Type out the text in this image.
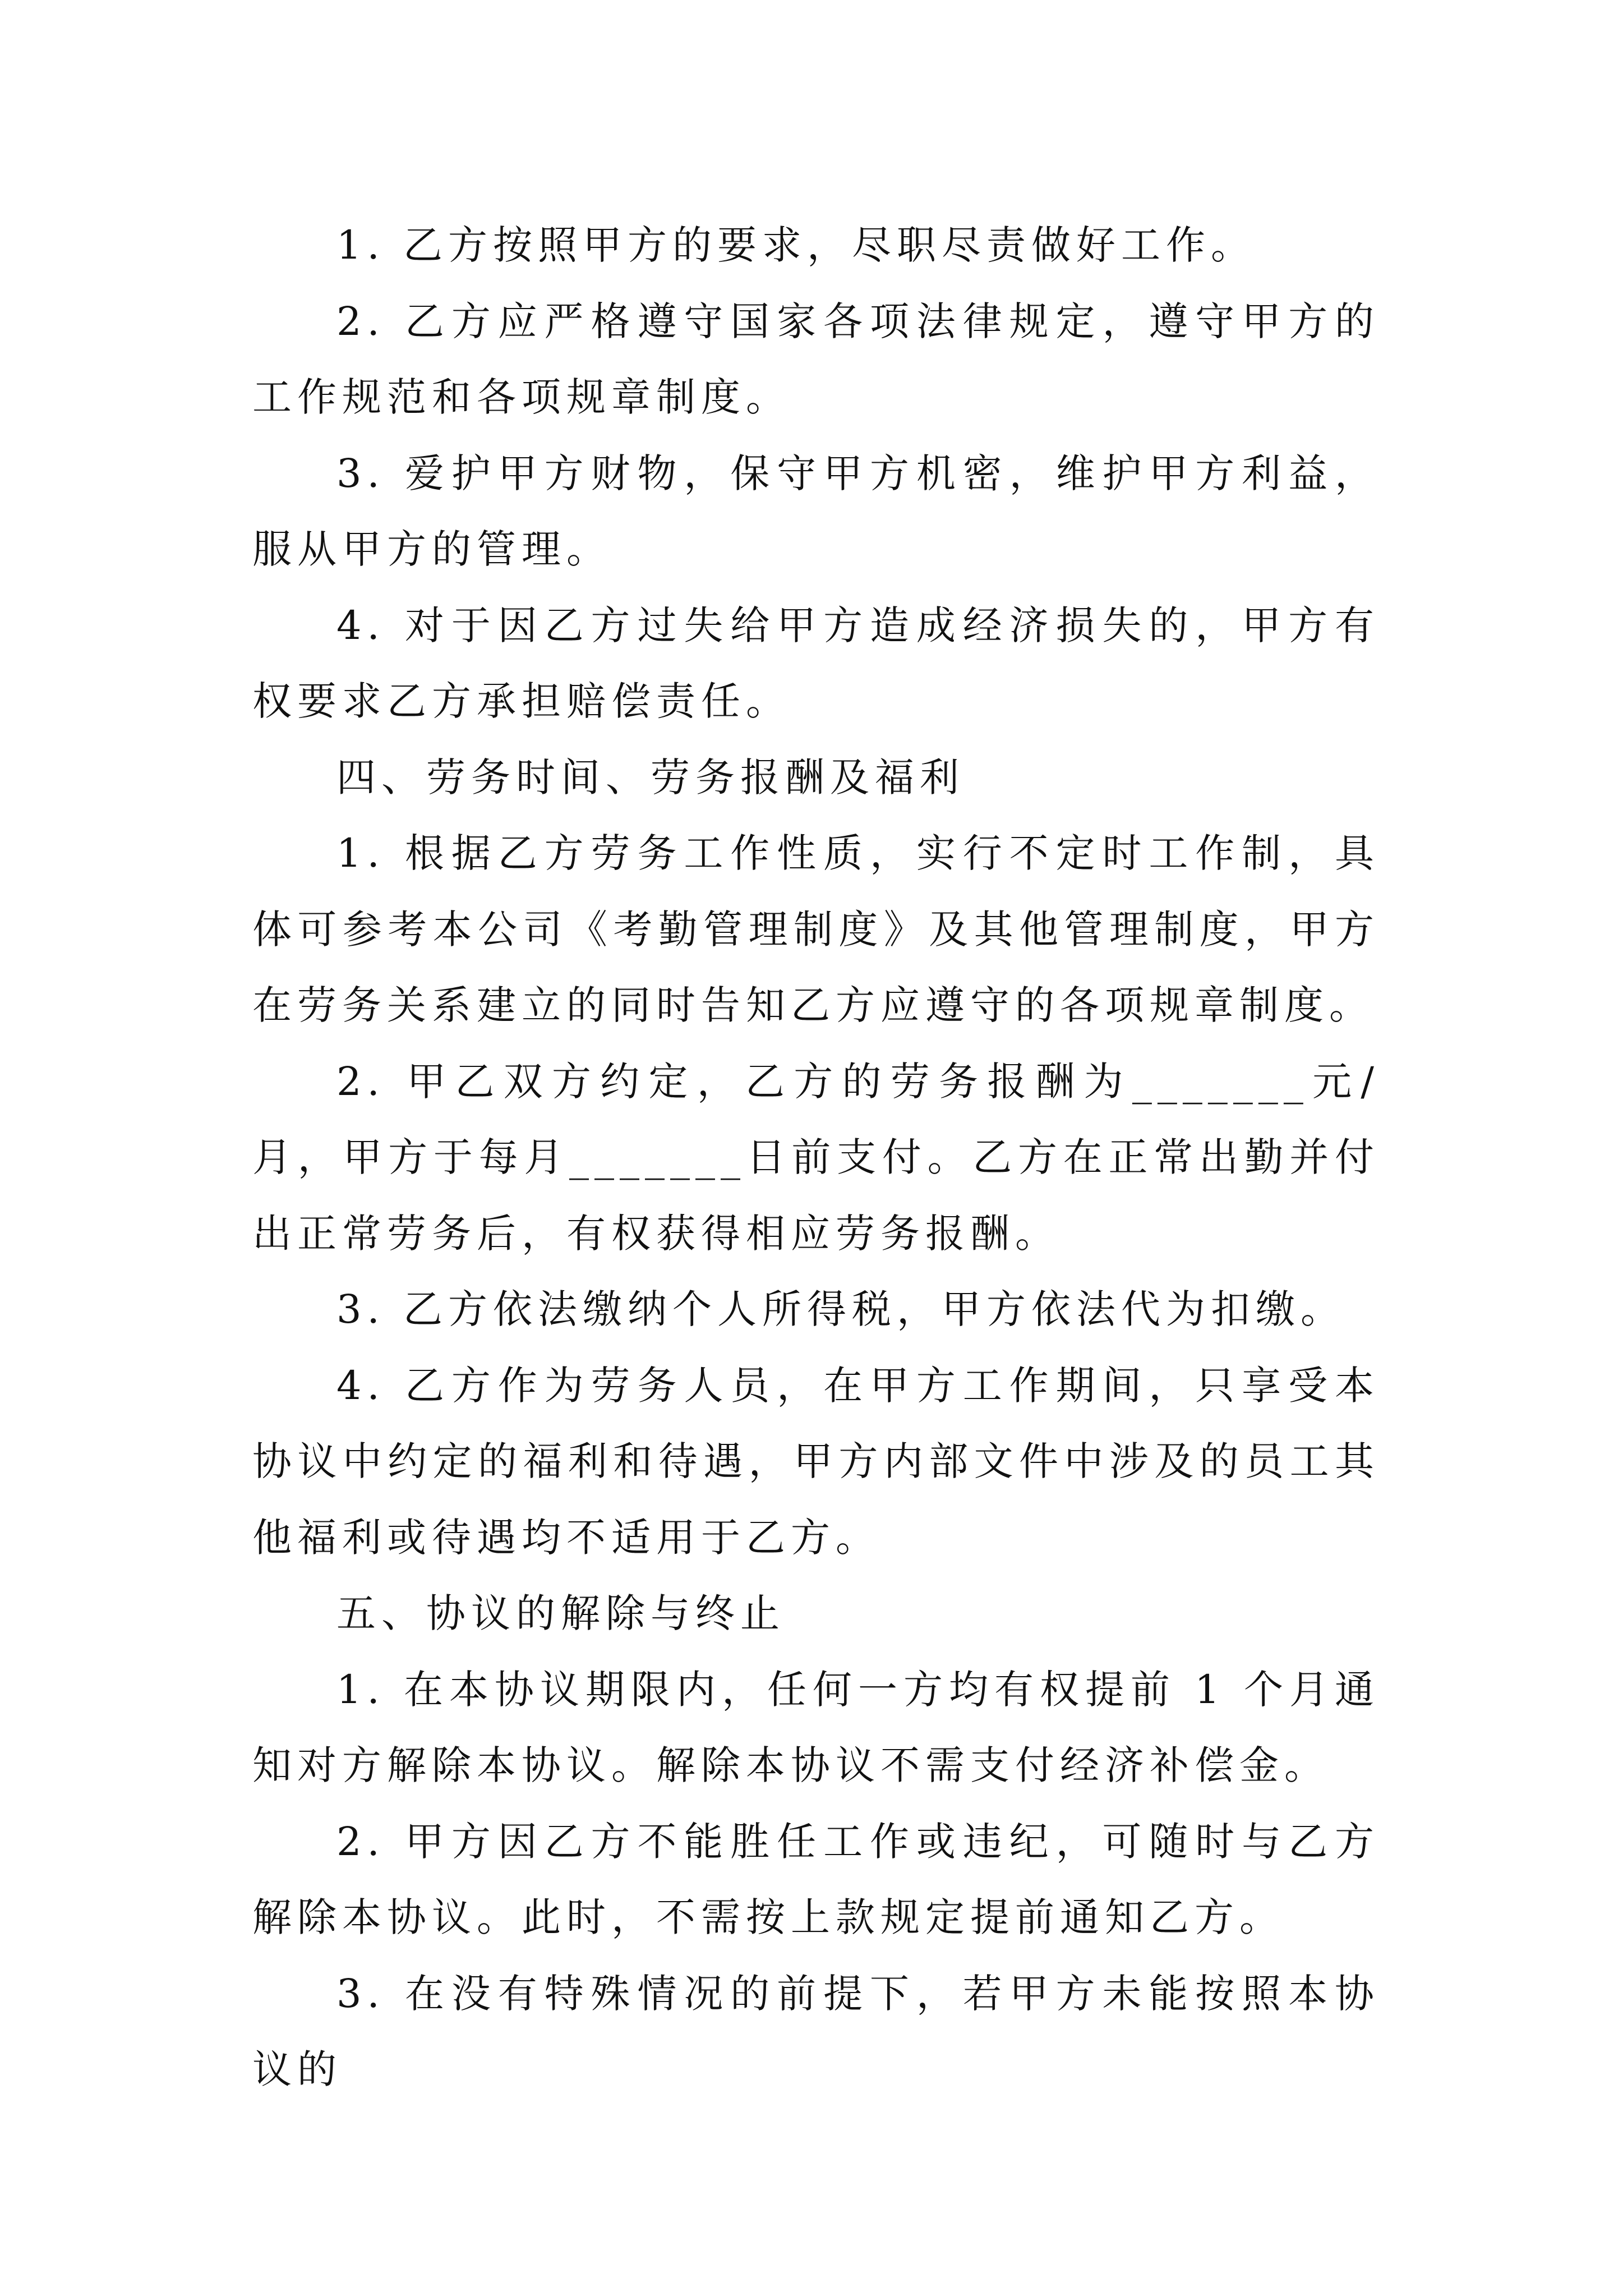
1. 乙方按照甲方的要求，尽职尽责做好工作。

2. 乙方应严格遵守国家各项法律规定，遵守甲方的工作规范和各项规章制度。

3. 爱护甲方财物，保守甲方机密，维护甲方利益，服从甲方的管理。

4. 对于因乙方过失给甲方造成经济损失的，甲方有权要求乙方承担赔偿责任。

四、劳务时间、劳务报酬及福利

1. 根据乙方劳务工作性质，实行不定时工作制，具体可参考本公司《考勤管理制度》及其他管理制度，甲方在劳务关系建立的同时告知乙方应遵守的各项规章制度。

2. 甲乙双方约定，乙方的劳务报酬为_______元/月，甲方于每月_______日前支付。乙方在正常出勤并付出正常劳务后，有权获得相应劳务报酬。

3. 乙方依法缴纳个人所得税，甲方依法代为扣缴。

4. 乙方作为劳务人员，在甲方工作期间，只享受本协议中约定的福利和待遇，甲方内部文件中涉及的员工其他福利或待遇均不适用于乙方。

五、协议的解除与终止

1. 在本协议期限内，任何一方均有权提前 1 个月通知对方解除本协议。解除本协议不需支付经济补偿金。

2. 甲方因乙方不能胜任工作或违纪，可随时与乙方解除本协议。此时，不需按上款规定提前通知乙方。

3. 在没有特殊情况的前提下，若甲方未能按照本协议的
